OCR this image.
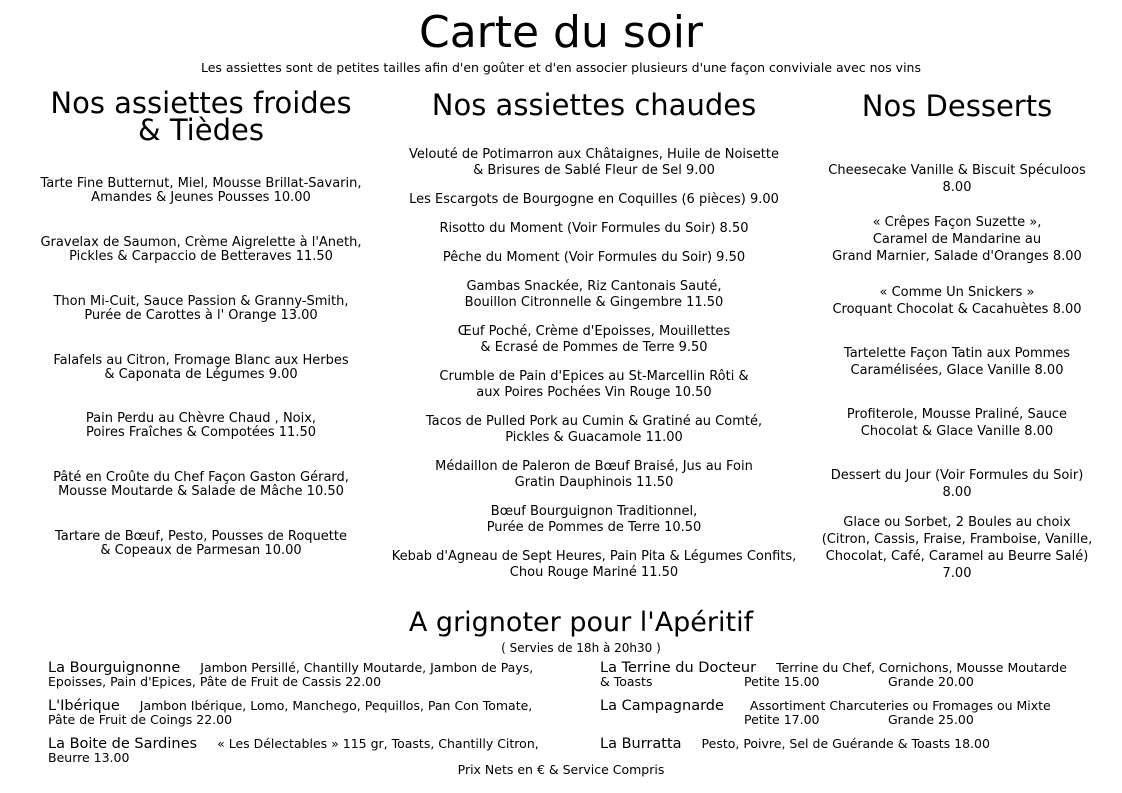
Carte du soir
Les assiettes sont de petites tailles afin d'en goûter et d'en associer plusieurs d'une façon conviviale avec nos vins
Nos assiettes froides
& Tièdes
Tarte Fine Butternut, Miel, Mousse Brillat-Savarin,
Amandes & Jeunes Pousses 10.00
Gravelax de Saumon, Crème Aigrelette à l'Aneth,
Pickles & Carpaccio de Betteraves 11.50
Thon Mi-Cuit, Sauce Passion & Granny-Smith,
Purée de Carottes à l' Orange 13.00
Falafels au Citron, Fromage Blanc aux Herbes
& Caponata de Légumes 9.00
Pain Perdu au Chèvre Chaud , Noix,
Poires Fraîches & Compotées 11.50
Pâté en Croûte du Chef Façon Gaston Gérard,
Mousse Moutarde & Salade de Mâche 10.50
Tartare de Bœuf, Pesto, Pousses de Roquette
& Copeaux de Parmesan 10.00
Nos assiettes chaudes
Velouté de Potimarron aux Châtaignes, Huile de Noisette
& Brisures de Sablé Fleur de Sel 9.00
Les Escargots de Bourgogne en Coquilles (6 pièces) 9.00
Risotto du Moment (Voir Formules du Soir) 8.50
Pêche du Moment (Voir Formules du Soir) 9.50
Gambas Snackée, Riz Cantonais Sauté,
Bouillon Citronnelle & Gingembre 11.50
Œuf Poché, Crème d'Epoisses, Mouillettes
& Ecrasé de Pommes de Terre 9.50
Crumble de Pain d'Epices au St-Marcellin Rôti &
aux Poires Pochées Vin Rouge 10.50
Tacos de Pulled Pork au Cumin & Gratiné au Comté,
Pickles & Guacamole 11.00
Médaillon de Paleron de Bœuf Braisé, Jus au Foin
Gratin Dauphinois 11.50
Bœuf Bourguignon Traditionnel,
Purée de Pommes de Terre 10.50
Kebab d'Agneau de Sept Heures, Pain Pita & Légumes Confits,
Chou Rouge Mariné 11.50
Nos Desserts
Cheesecake Vanille & Biscuit Spéculoos
8.00
« Crêpes Façon Suzette »,
Caramel de Mandarine au
Grand Marnier, Salade d'Oranges 8.00
« Comme Un Snickers »
Croquant Chocolat & Cacahuètes 8.00
Tartelette Façon Tatin aux Pommes
Caramélisées, Glace Vanille 8.00
Profiterole, Mousse Praliné, Sauce
Chocolat & Glace Vanille 8.00
Dessert du Jour (Voir Formules du Soir)
8.00
Glace ou Sorbet, 2 Boules au choix
(Citron, Cassis, Fraise, Framboise, Vanille,
Chocolat, Café, Caramel au Beurre Salé)
7.00
A grignoter pour l'Apéritif
( Servies de 18h à 20h30 )
La Bourguignonne Jambon Persillé, Chantilly Moutarde, Jambon de Pays,
Epoisses, Pain d'Epices, Pâte de Fruit de Cassis 22.00
L'Ibérique Jambon Ibérique, Lomo, Manchego, Pequillos, Pan Con Tomate,
Pâte de Fruit de Coings 22.00
La Boite de Sardines « Les Délectables » 115 gr, Toasts, Chantilly Citron,
Beurre 13.00
La Terrine du Docteur Terrine du Chef, Cornichons, Mousse Moutarde
& Toasts	Petite 15.00	Grande 20.00
La Campagnarde Assortiment Charcuteries ou Fromages ou Mixte
Petite 17.00	Grande 25.00
La Burratta Pesto, Poivre, Sel de Guérande & Toasts 18.00
Prix Nets en € & Service Compris
